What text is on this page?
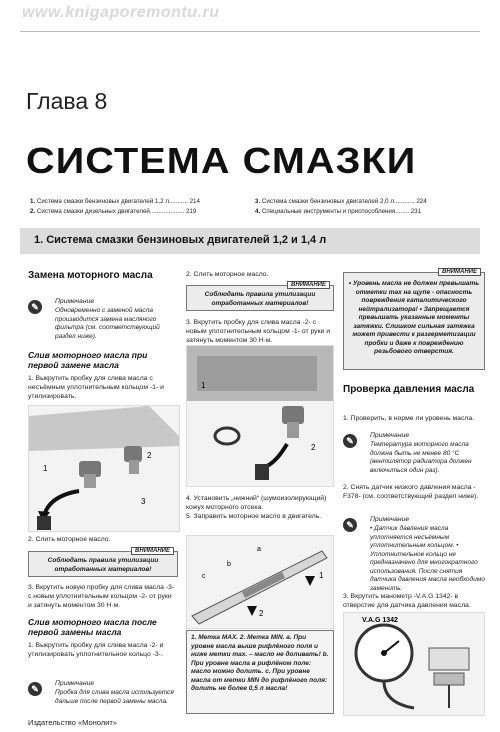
www.knigaporemontu.ru
Глава 8
СИСТЕМА СМАЗКИ
1. Система смазки бензиновых двигателей 1,2 л........... 214
2. Система смазки дизельных двигателей.................... 219
3. Система смазки бензиновых двигателей 2,0 л............ 224
4. Специальные инструменты и приспособления........ 231
1. Система смазки бензиновых двигателей 1,2 и 1,4 л
Замена моторного масла
✎
Примечание
Одновременно с заменой масла производится замена масляного фильтра (см. соответствующий раздел ниже).
Слив моторного масла при первой замене масла
1. Выкрутить пробку для слива масла с несъёмным уплотнительным кольцом -1- и утилизировать.
1
2
3
2. Слить моторное масло.
ВНИМАНИЕ
Соблюдать правила утилизации отработанных материалов!
3. Вкрутить новую пробку для слива масла -3- с новым уплотнительным кольцом -2- от руки и затянуть моментом 30 Н·м.
Слив моторного масла после первой замены масла
1. Выкрутить пробку для слива масла -2- и утилизировать уплотнительное кольцо -3-.
✎
Примечание
Пробка для слива масла используется дальше после первой замены масла.
2. Слить моторное масло.
ВНИМАНИЕ
Соблюдать правила утилизации отработанных материалов!
3. Вкрутить пробку для слива масла -2- с новым уплотнительным кольцом -1- от руки и затянуть моментом 30 Н·м.
1
2
4. Установить „нижний“ (шумоизолирующий) кожух моторного отсека.
5. Заправить моторное масло в двигатель.
a
b
c	1
2
1. Метка MAX. 2. Метка MIN. a. При уровне масла выше рифлёного поля и ниже метки max. – масло не доливать! b. При уровне масла в рифлёном поле: масло можно долить. c. При уровне масла от метки MIN до рифлёного поля: долить не более 0,5 л масла!
ВНИМАНИЕ
• Уровень масла не должен превышать отметки max на щупе - опасность повреждения каталитического нейтрализатора! • Запрещается превышать указанные моменты затяжки. Слишком сильная затяжка может привести к разгерметизации пробки и даже к повреждению резьбового отверстия.
Проверка давления масла
1. Проверить, в норме ли уровень масла.
✎
Примечание
Температура моторного масла должна быть не менее 80 °С (вентилятор радиатора должен включиться один раз).
2. Снять датчик низкого давления масла -F378- (см. соответствующий раздел ниже).
✎
Примечание
• Датчик давления масла уплотняется несъёмным уплотнительным кольцом. • Уплотнительное кольцо не предназначено для многократного использования. После снятия датчика давления масла необходимо заменить.
3. Вкрутить манометр -V.A.G 1342- в отверстие для датчика давления масла.
V.A.G 1342
Издательство «Монолит»
